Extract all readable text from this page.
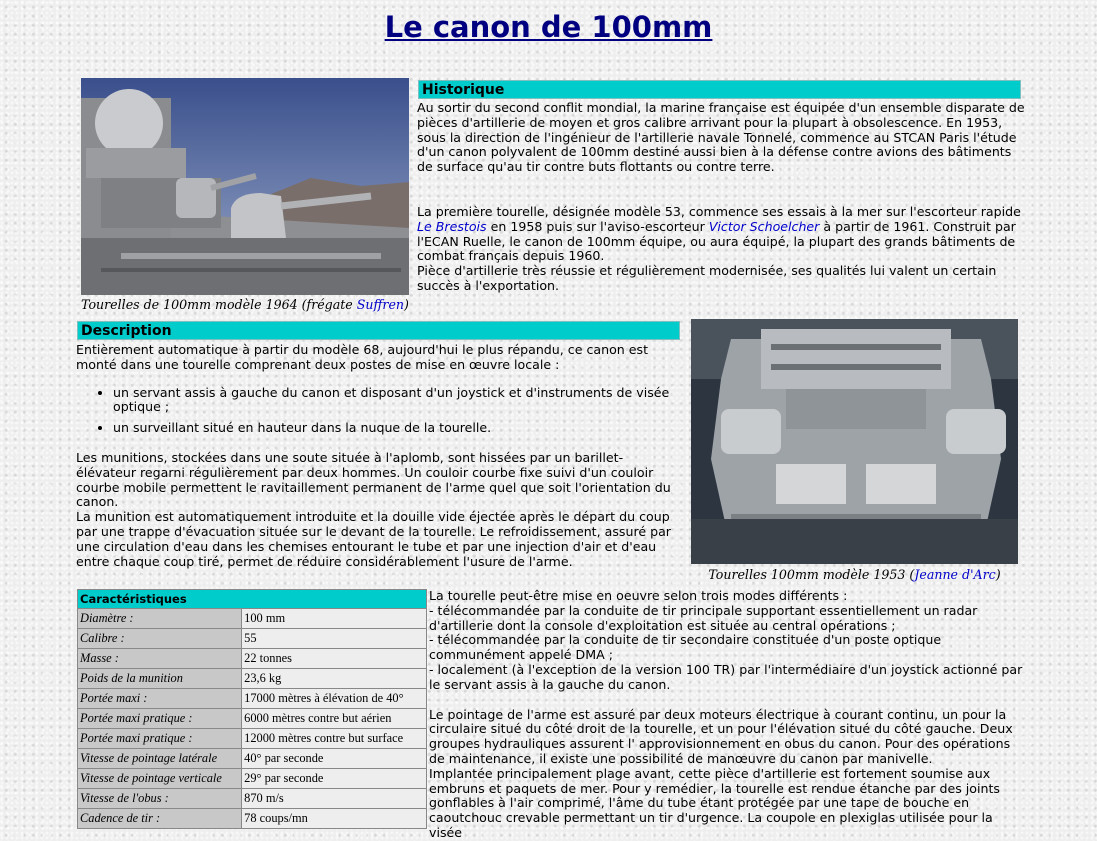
Le canon de 100mm
Tourelles de 100mm modèle 1964 (frégate Suffren)
Historique
Au sortir du second conflit mondial, la marine française est équipée d'un ensemble disparate de pièces d'artillerie de moyen et gros calibre arrivant pour la plupart à obsolescence. En 1953, sous la direction de l'ingénieur de l'artillerie navale Tonnelé, commence au STCAN Paris l'étude d'un canon polyvalent de 100mm destiné aussi bien à la défense contre avions des bâtiments de surface qu'au tir contre buts flottants ou contre terre.
La première tourelle, désignée modèle 53, commence ses essais à la mer sur l'escorteur rapide Le Brestois en 1958 puis sur l'aviso-escorteur Victor Schoelcher à partir de 1961. Construit par l'ECAN Ruelle, le canon de 100mm équipe, ou aura équipé, la plupart des grands bâtiments de combat français depuis 1960.
Pièce d'artillerie très réussie et régulièrement modernisée, ses qualités lui valent un certain succès à l'exportation.
Description
Entièrement automatique à partir du modèle 68, aujourd'hui le plus répandu, ce canon est monté dans une tourelle comprenant deux postes de mise en œuvre locale :
• un servant assis à gauche du canon et disposant d'un joystick et d'instruments de visée optique ;
• un surveillant situé en hauteur dans la nuque de la tourelle.
Les munitions, stockées dans une soute située à l'aplomb, sont hissées par un barillet-élévateur regarni régulièrement par deux hommes. Un couloir courbe fixe suivi d'un couloir courbe mobile permettent le ravitaillement permanent de l'arme quel que soit l'orientation du canon.
La munition est automatiquement introduite et la douille vide éjectée après le départ du coup par une trappe d'évacuation située sur le devant de la tourelle. Le refroidissement, assuré par une circulation d'eau dans les chemises entourant le tube et par une injection d'air et d'eau entre chaque coup tiré, permet de réduire considérablement l'usure de l'arme.
Tourelles 100mm modèle 1953 (Jeanne d'Arc)
Caractéristiques	
Diamètre :	100 mm
Calibre :	55
Masse :	22 tonnes
Poids de la munition	23,6 kg
Portée maxi :	17000 mètres à élévation de 40°
Portée maxi pratique :	6000 mètres contre but aérien
Portée maxi pratique :	12000 mètres contre but surface
Vitesse de pointage latérale	40° par seconde
Vitesse de pointage verticale	29° par seconde
Vitesse de l'obus :	870 m/s
Cadence de tir :	78 coups/mn
La tourelle peut-être mise en oeuvre selon trois modes différents :
- télécommandée par la conduite de tir principale supportant essentiellement un radar d'artillerie dont la console d'exploitation est située au central opérations ;
- télécommandée par la conduite de tir secondaire constituée d'un poste optique communément appelé DMA ;
- localement (à l'exception de la version 100 TR) par l'intermédiaire d'un joystick actionné par le servant assis à la gauche du canon.
Le pointage de l'arme est assuré par deux moteurs électrique à courant continu, un pour la circulaire situé du côté droit de la tourelle, et un pour l'élévation situé du côté gauche. Deux groupes hydrauliques assurent l' approvisionnement en obus du canon. Pour des opérations de maintenance, il existe une possibilité de manœuvre du canon par manivelle.
Implantée principalement plage avant, cette pièce d'artillerie est fortement soumise aux embruns et paquets de mer. Pour y remédier, la tourelle est rendue étanche par des joints gonflables à l'air comprimé, l'âme du tube étant protégée par une tape de bouche en caoutchouc crevable permettant un tir d'urgence. La coupole en plexiglas utilisée pour la visée
